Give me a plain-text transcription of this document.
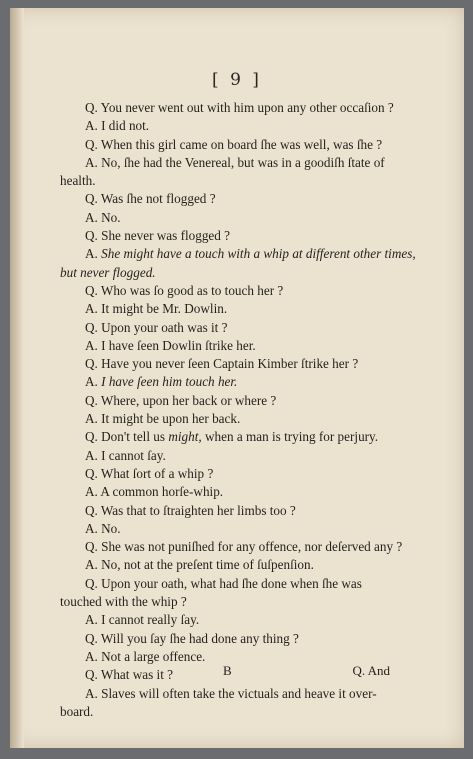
[ 9 ]
Q. You never went out with him upon any other occaſion ?
A. I did not.
Q. When this girl came on board ſhe was well, was ſhe ?
A. No, ſhe had the Venereal, but was in a goodiſh ſtate of
health.
Q. Was ſhe not flogged ?
A. No.
Q. She never was flogged ?
A. She might have a touch with a whip at different other times,
but never flogged.
Q. Who was ſo good as to touch her ?
A. It might be Mr. Dowlin.
Q. Upon your oath was it ?
A. I have ſeen Dowlin ſtrike her.
Q. Have you never ſeen Captain Kimber ſtrike her ?
A. I have ſeen him touch her.
Q. Where, upon her back or where ?
A. It might be upon her back.
Q. Don't tell us might, when a man is trying for perjury.
A. I cannot ſay.
Q. What ſort of a whip ?
A. A common horſe-whip.
Q. Was that to ſtraighten her limbs too ?
A. No.
Q. She was not puniſhed for any offence, nor deſerved any ?
A. No, not at the preſent time of ſuſpenſion.
Q. Upon your oath, what had ſhe done when ſhe was
touched with the whip ?
A. I cannot really ſay.
Q. Will you ſay ſhe had done any thing ?
A. Not a large offence.
Q. What was it ?
A. Slaves will often take the victuals and heave it over-
board.
B	Q. And
